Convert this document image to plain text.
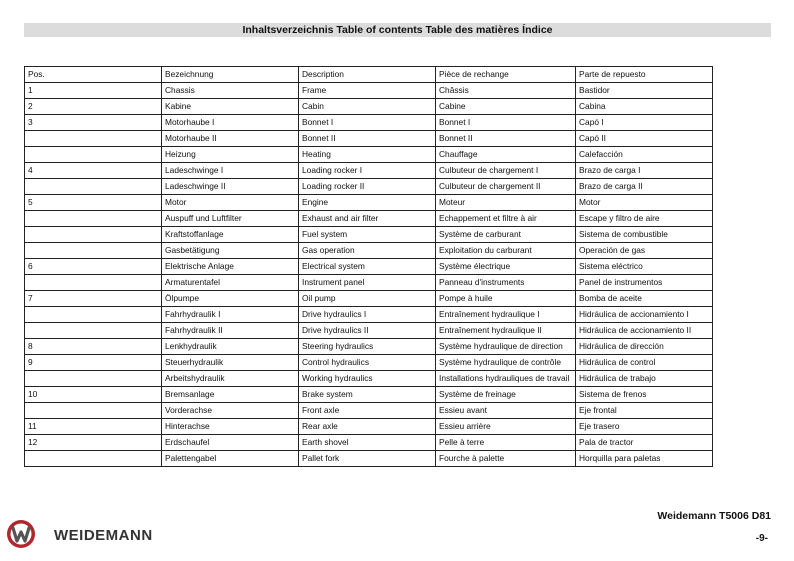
Inhaltsverzeichnis Table of contents Table des matières Índice
Pos.	Bezeichnung	Description	Pièce de rechange	Parte de repuesto
1	Chassis	Frame	Châssis	Bastidor
2	Kabine	Cabin	Cabine	Cabina
3	Motorhaube I	Bonnet I	Bonnet I	Capó I
	Motorhaube II	Bonnet II	Bonnet II	Capó II
	Heizung	Heating	Chauffage	Calefacción
4	Ladeschwinge I	Loading rocker I	Culbuteur de chargement I	Brazo de carga I
	Ladeschwinge II	Loading rocker II	Culbuteur de chargement II	Brazo de carga II
5	Motor	Engine	Moteur	Motor
	Auspuff und Luftfilter	Exhaust and air filter	Echappement et filtre à air	Escape y filtro de aire
	Kraftstoffanlage	Fuel system	Système de carburant	Sistema de combustible
	Gasbetätigung	Gas operation	Exploitation du carburant	Operación de gas
6	Elektrische Anlage	Electrical system	Système électrique	Sistema eléctrico
	Armaturentafel	Instrument panel	Panneau d'instruments	Panel de instrumentos
7	Ölpumpe	Oil pump	Pompe à huile	Bomba de aceite
	Fahrhydraulik I	Drive hydraulics I	Entraînement hydraulique I	Hidráulica de accionamiento I
	Fahrhydraulik II	Drive hydraulics II	Entraînement hydraulique II	Hidráulica de accionamiento II
8	Lenkhydraulik	Steering hydraulics	Système hydraulique de direction	Hidráulica de dirección
9	Steuerhydraulik	Control hydraulics	Système hydraulique de contrôle	Hidráulica de control
	Arbeitshydraulik	Working hydraulics	Installations hydrauliques de travail	Hidráulica de trabajo
10	Bremsanlage	Brake system	Système de freinage	Sistema de frenos
	Vorderachse	Front axle	Essieu avant	Eje frontal
11	Hinterachse	Rear axle	Essieu arrière	Eje trasero
12	Erdschaufel	Earth shovel	Pelle à terre	Pala de tractor
	Palettengabel	Pallet fork	Fourche à palette	Horquilla para paletas
WEIDEMANN
Weidemann T5006 D81
-9-
